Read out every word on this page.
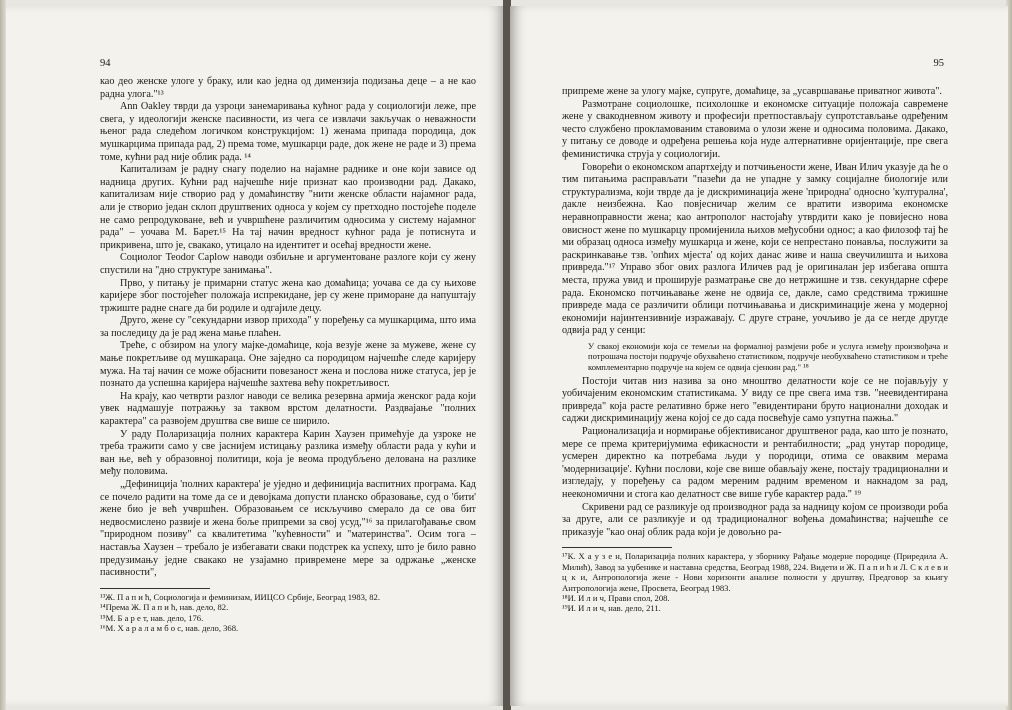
94

као део женске улоге у браку, или као једна од димензија подизања деце – а не као радна улога."¹³

Ann Oakley тврди да узроци занемаривања кућног рада у социологији леже, пре свега, у идеологији женске пасивности, из чега се извлачи закључак о неважности њеног рада следећом логичком конструкцијом: 1) женама припада породица, док мушкарцима припада рад, 2) према томе, мушкарци раде, док жене не раде и 3) према томе, кућни рад није облик рада. ¹⁴

Капитализам је радну снагу поделио на најамне раднике и оне који зависе од надница других. Кућни рад најчешће није признат као производни рад. Дакако, капитализам није створио рад у домаћинству "нити женске области најамног рада, али је створио један склоп друштвених односа у којем су претходно постојеће поделе не само репродуковане, већ и учвршћене различитим односима у систему најамног рада" – уочава М. Барет.¹⁵ На тај начин вредност кућног рада је потиснута и прикривена, што је, свакако, утицало на идентитет и осећај вредности жене.

Социолог Teodor Caplow наводи озбиљне и аргументоване разлоге који су жену спустили на "дно структуре занимања".

Прво, у питању је примарни статус жена као домаћица; уочава се да су њихове каријере због постојећег положаја испрекидане, јер су жене приморане да напуштају тржиште радне снаге да би родиле и одгајиле децу.

Друго, жене су "секундарни извор прихода" у поређењу са мушкарцима, што има за последицу да је рад жена мање плаћен.

Треће, с обзиром на улогу мајке-домаћице, која везује жене за мужеве, жене су мање покретљиве од мушкараца. Оне заједно са породицом најчешће следе каријеру мужа. На тај начин се може објаснити повезаност жена и послова ниже статуса, јер је познато да успешна каријера најчешће захтева већу покретљивост.

На крају, као четврти разлог наводи се велика резервна армија женског рада који увек надмашује потражњу за таквом врстом делатности. Раздвајање "полних карактера" са развојем друштва све више се ширило.

У раду Поларизација полних карактера Карин Хаузен примећује да узроке не треба тражити само у све јаснијем истицању разлика између области рада у кући и ван ње, већ у образовној политици, која је веома продубљено делована на разлике међу половима.

„Дефиниција 'полних карактера' је уједно и дефиниција васпитних програма. Кад се почело радити на томе да се и девојкама допусти планско образовање, суд о 'бити' жене био је већ учвршћен. Образовањем се искључиво смерало да се ова бит недвосмислено развије и жена боље припреми за свој усуд,"¹⁶ за прилагођавање свом "природном позиву" са квалитетима "кућевности" и "материнства". Осим тога – наставља Хаузен – требало је избегавати сваки подстрек ка успеху, што је било равно предузимању једне свакако не узајамно привремене мере за одржање „женске пасивности",

¹³Ж. П а п и ћ, Социологија и феминизам, ИИЦСО Србије, Београд 1983, 82.

¹⁴Према Ж. П а п и ћ, нав. дело, 82.

¹⁵М. Б а р е т, нав. дело, 176.

¹⁶М. Х а р а л а м б о с, нав. дело, 368.

95

припреме жене за улогу мајке, супруге, домаћице, за „усавршавање приватног живота".

Размотране социолошке, психолошке и економске ситуације положаја савремене жене у свакодневном животу и професији претпостављају супротстављање одређеним често службено прокламованим ставовима о улози жене и односима половима. Дакако, у питању се доводе и одређена решења која нуде алтернативне оријентације, пре свега феминистичка струја у социологији.

Говорећи о економском апартхејду и потчињености жене, Иван Илич указује да ће о тим питањима расправљати "пазећи да не упадне у замку социјалне биологије или структурализма, који тврде да је дискриминација жене 'природна' односно 'културална', дакле неизбежна. Као повјесничар желим се вратити изворима економске неравноправности жена; као антрополог настојаћу утврдити како је повијесно нова овисност жене по мушкарцу промијенила њихов међусобни однос; а као филозоф тај ће ми образац односа између мушкарца и жене, који се непрестано понавља, послужити за раскринкавање тзв. 'опћих мјеста' од којих данас живе и наша свеучилишта и њихова привреда."¹⁷ Управо због ових разлога Иличев рад је оригиналан јер избегава општа места, пружа увид и проширује разматрање све до нетржишне и тзв. секундарне сфере рада. Економско потчињавање жене не одвија се, дакле, само средствима тржишне привреде мада се различити облици потчињавања и дискриминације жена у модерној економији најинтензивније изражавају. С друге стране, уочљиво је да се негде другде одвија рад у сенци:

У свакој економији која се темељи на формалној размјени робе и услуга између произвођача и потрошача постоји подручје обухваћено статистиком, подручје необухваћено статистиком и треће комплементарно подручје на којем се одвија сјенкин рад." ¹⁸

Постоји читав низ назива за оно мноштво делатности које се не појављују у уобичајеним економским статистикама. У виду се пре свега има тзв. "неевидентирана привреда" која расте релативно брже него "евидентирани бруто национални доходак и саджи дискриминацију жена којој се до сада посвећује само узпутна пажња."

Рационализација и нормирање објективисаног друштвеног рада, као што је познато, мере се према критеријумима ефикасности и рентабилности; „рад унутар породице, усмерен директно ка потребама људи у породици, отима се оваквим мерама 'модернизације'. Кућни послови, које све више обављају жене, постају традиционални и изгледају, у поређењу са радом мереним радним временом и накнадом за рад, неекономични и стога као делатност све више губе карактер рада." ¹⁹

Скривени рад се разликује од производног рада за надницу којом се производи роба за друге, али се разликује и од традиционалног вођења домаћинства; најчешће се приказује "као онај облик рада који је довољно ра-

¹⁷К. Х а у з е н, Поларизација полних карактера, у зборнику Рађање модерне породице (Приредила А. Милић), Завод за уџбенике и наставна средства, Београд 1988, 224. Видети и Ж. П а п и ћ и Л. С к л е в и ц к и, Антропологија жене - Нови хоризонти анализе полности у друштву, Предговор за књигу Антропологија жене, Просвета, Београд 1983.

¹⁸И. И л и ч, Прави спол, 208.

¹⁹И. И л и ч, нав. дело, 211.
